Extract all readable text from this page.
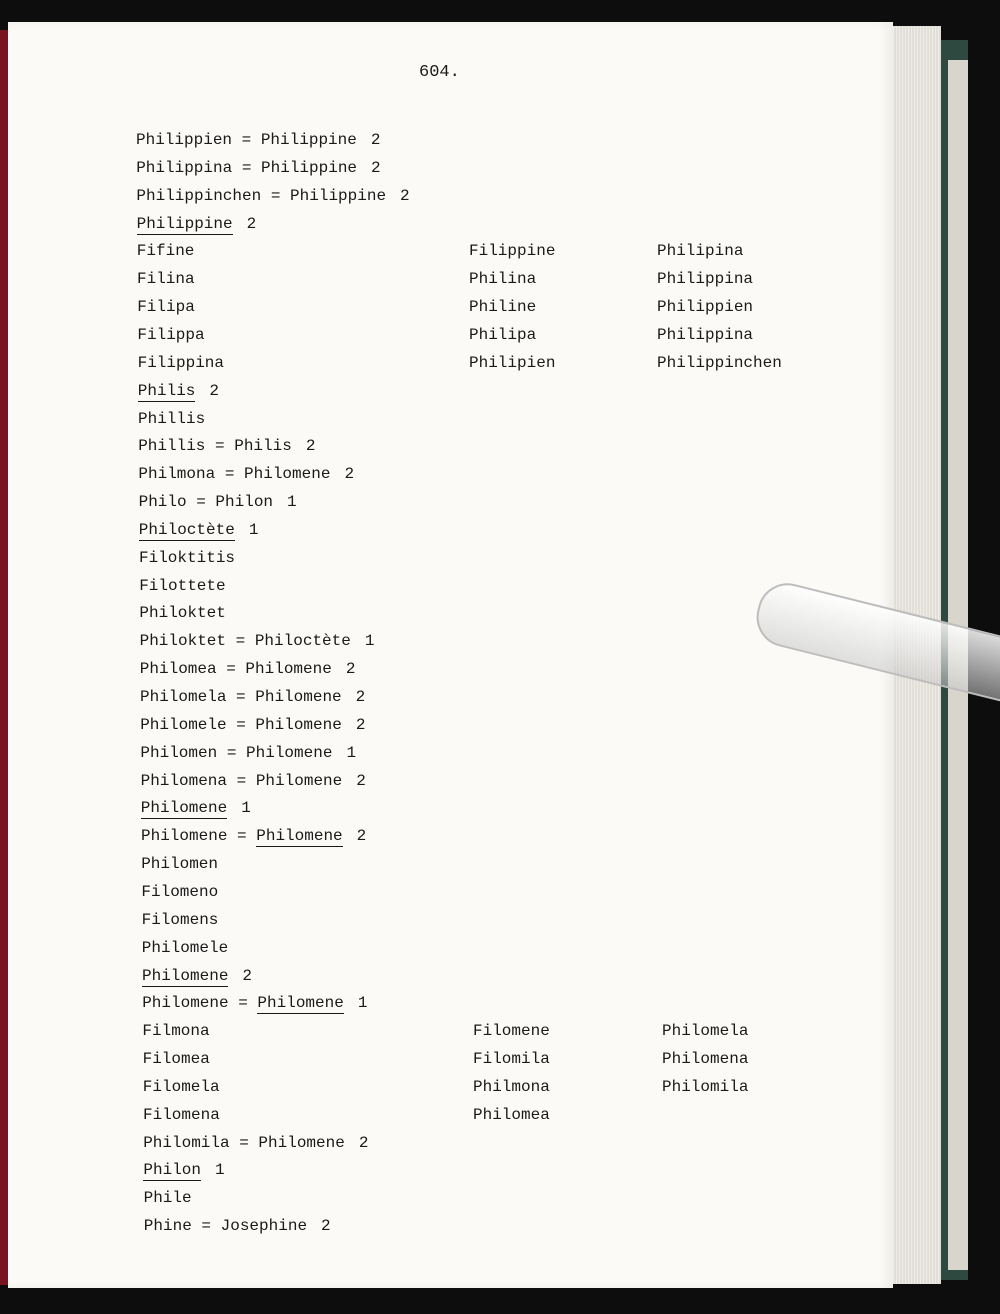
604.
Philippien = Philippine 2
Philippina = Philippine 2
Philippinchen = Philippine 2
Philippine 2
Fifine
Filina
Filipa
Filippa
Filippina
Philis 2
Phillis
Phillis = Philis 2
Philmona = Philomene 2
Philo = Philon 1
Philoctète 1
Filoktitis
Filottete
Philoktet
Philoktet = Philoctète 1
Philomea = Philomene 2
Philomela = Philomene 2
Philomele = Philomene 2
Philomen = Philomene 1
Philomena = Philomene 2
Philomene 1
Philomene = Philomene 2
Philomen
Filomeno
Filomens
Philomele
Philomene 2
Philomene = Philomene 1
Filmona
Filomea
Filomela
Filomena
Philomila = Philomene 2
Philon 1
Phile
Phine = Josephine 2
Filippine
Philina
Philine
Philipa
Philipien
Philipina
Philippina
Philippien
Philippina
Philippinchen
Filomene
Filomila
Philmona
Philomea
Philomela
Philomena
Philomila
